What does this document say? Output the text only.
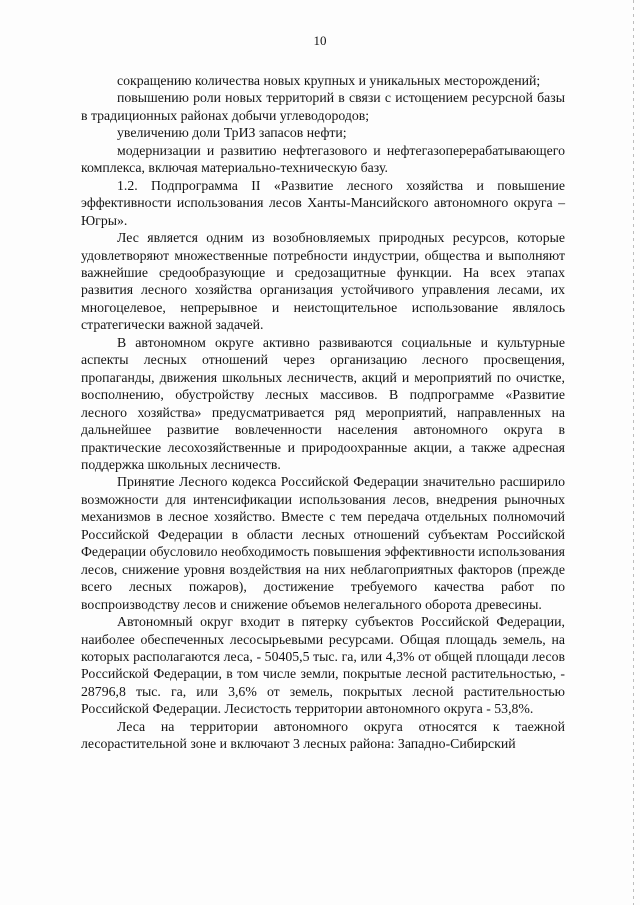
10

сокращению количества новых крупных и уникальных месторождений;

повышению роли новых территорий в связи с истощением ресурсной базы в традиционных районах добычи углеводородов;

увеличению доли ТрИЗ запасов нефти;

модернизации и развитию нефтегазового и нефтегазоперерабатывающего комплекса, включая материально-техническую базу.

1.2. Подпрограмма II «Развитие лесного хозяйства и повышение эффективности использования лесов Ханты-Мансийского автономного округа – Югры».

Лес является одним из возобновляемых природных ресурсов, которые удовлетворяют множественные потребности индустрии, общества и выполняют важнейшие средообразующие и средозащитные функции. На всех этапах развития лесного хозяйства организация устойчивого управления лесами, их многоцелевое, непрерывное и неистощительное использование являлось стратегически важной задачей.

В автономном округе активно развиваются социальные и культурные аспекты лесных отношений через организацию лесного просвещения, пропаганды, движения школьных лесничеств, акций и мероприятий по очистке, восполнению, обустройству лесных массивов. В подпрограмме «Развитие лесного хозяйства» предусматривается ряд мероприятий, направленных на дальнейшее развитие вовлеченности населения автономного округа в практические лесохозяйственные и природоохранные акции, а также адресная поддержка школьных лесничеств.

Принятие Лесного кодекса Российской Федерации значительно расширило возможности для интенсификации использования лесов, внедрения рыночных механизмов в лесное хозяйство. Вместе с тем передача отдельных полномочий Российской Федерации в области лесных отношений субъектам Российской Федерации обусловило необходимость повышения эффективности использования лесов, снижение уровня воздействия на них неблагоприятных факторов (прежде всего лесных пожаров), достижение требуемого качества работ по воспроизводству лесов и снижение объемов нелегального оборота древесины.

Автономный округ входит в пятерку субъектов Российской Федерации, наиболее обеспеченных лесосырьевыми ресурсами. Общая площадь земель, на которых располагаются леса, - 50405,5 тыс. га, или 4,3% от общей площади лесов Российской Федерации, в том числе земли, покрытые лесной растительностью, - 28796,8 тыс. га, или 3,6% от земель, покрытых лесной растительностью Российской Федерации. Лесистость территории автономного округа - 53,8%.

Леса на территории автономного округа относятся к таежной лесорастительной зоне и включают 3 лесных района: Западно-Сибирский
